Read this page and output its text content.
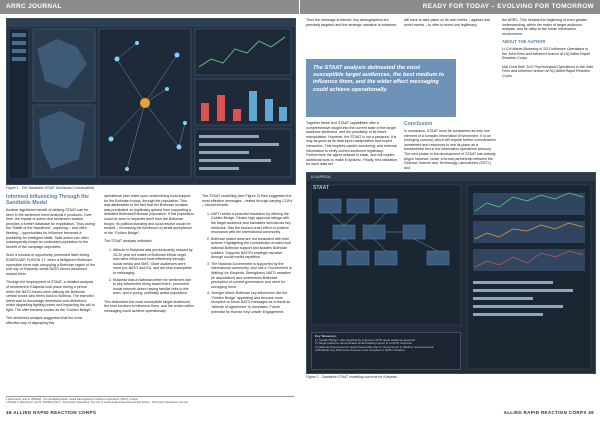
ARRC JOURNAL
Figure 1 - The Sandtable STAAT Dashboard (Unclassified).
Informed Influencing Through the Sandtable Model

Another significant benefit of utilising STAAT can be seen in the sentiment trend analysis it produces. Over time, the impact of action and sentiment reaction provides a further database for exploitation. Thus during the “Battle of the Narratives”, capturing – and often fleeting – opportunities for influence becomes a possibility for intelligent staffs. Swift action can often subsequently shape an undecided population to the benefit of the campaign objectives.

Such a window of opportunity presented itself during EXARCADE FUSION 17, when a belligerent Bothnian opposition force was occupying a Bothnian region of the port city of Klaipeda, whilst NATO forces advanced toward them.

Through the employment of STAAT, a detailed analysis of sentiment in Klaipeda took place during a period when the NATO forces were utilising the Bothnian central forces who threw back to Bothnia. The intended intent was to encourage desertions and defections, whilst degrading fighting power and impacting the will to fight. The offer became known as the “Golden Bridge”.

The sentiment analysis suggested that the most effective way of displaying this

operational plan relied upon undermining local support for the Bothnian troops, through the population. This was attributable to the fact that the Bothnian invasion was predicated on legitimacy gained from supporting a defeated Bothnian/Estonian population. If this population could be seen to separate itself from the Bothnian troops, its political standing and local resolve would be eroded – increasing the likelihood of partial acceptance of the “Golden Bridge”.

The STAAT analysis indicated:

1. Attitude in Klaipeda was predominantly shaped by 15-20 year old males of Bothnian ethnic origin, who were influenced most effectively through social media and SMS. Older audiences were more pro-NATO and EU, and are less susceptible to messaging.
2. Klaipeda was a National centre for sentiment due to key influencers being based there, prominent social network actors having familial links to the town, and a young, politically active population.

This delineated the most susceptible target audiences, the best medium to influence them, and the action within messaging could achieve operationally.

The STAAT modelling (see Figure 2) then suggested the most effective messages – tested through varying COA's – should include:

1. NATO seeks a peaceful resolution by offering the Golden Bridge. Cluster high approval ratings with the target audience and translates well across key mediums. Has the second order effect of positive resonance with the international community.
2. Bothnian stated aims are not consistent with their actions. Highlighting the contradiction erodes local national Bothnian support and isolates Bothnian soldiers. Supports NATO's strategic narrative through social media repetition.
3. The National Government is supported by the international community, and has a ‘Government in Waiting’ for Klaipeda. Strengthens NATO narrative (ie association) and undermines Bothnian perception of current governance and need for occupying force.
4. Younger ethnic Bothnian key influencers like the “Golden Bridge” appealing and become more receptive to future NATO messages as a result as “attitude of agreement” is increased. Future potential for Human Key Leader Engagement.
1 Manches D. and N. Whitfield, ‘The Sandtable Model: Social Data Applied to Influence Operations’ (2016), London.
2 Posted in Manches D. and N. Whitfield (2017), ‘Information Operations: The role of social media in Exercise Arrcade Fusion’, Information Operations Journal.
48 ALLIED RAPID REACTION CORPS
READY FOR TODAY – EVOLVING FOR TOMORROW

Thus the message is framed, key demographics are precisely targeted and the strategic narrative is bolstered.

The STAAT analysis delineated the most susceptible target audiences, the best medium to influence them, and the wider effect messaging could achieve operationally.

Together these four STAAT capabilities offer a comprehensive insight into the current state of the target audience sentiment, and the possibility of its future manipulation. However, the STAAT is not a panacea. It is only as good as its data input manipulation and expert interaction. This requires careful monitoring, and external information to verify current sentiment legitimacy. Furthermore the agent network is static, and will require additional work to make it dynamic. Finally, test validation for each data set

will have to take place on its own merits – against real world events – to offer in-event use legitimacy.

Conclusion

In conclusion, STAAT must be considered as only one element of a complex Information Environment. It is an emerging concept, which will require further consideration investment and resources to see its place as a fundamental tool in the information operations armoury. The next phase in the development of STAAT has already begun however, under a formal partnership between the Defence Science and Technology Laboratories (DSTL) and

the ARRC. This heralds the beginning of even greater understanding, within the realm of target audience analysis, and its utility to the future information environment.

ABOUT THE AUTHOR

Lt Col Martin Browning is SO1 Influence Operations in the Joint Fires and Influence branch at HQ Allied Rapid Reaction Corps.

Maj Chris Bell, SO2 Psychological Operations in the Joint Fires and Influence branch at HQ Allied Rapid Reaction Corps.

KLAIPEDA
Key Takeaways:
1) “Golden Bridge” offer significantly improves NATO target audience approval.
2) Target Audience demonstrates limited lasting impact to a NATO response.
3) National Government is viewed favourably due to “Government in Waiting” announcement.
4) Bothnian key influencers become more receptive to NATO narrative.
STAAT
Figure 2 - Sandtable STAAT modelling outcome for Klaipeda.
ALLIED RAPID REACTION CORPS 49
